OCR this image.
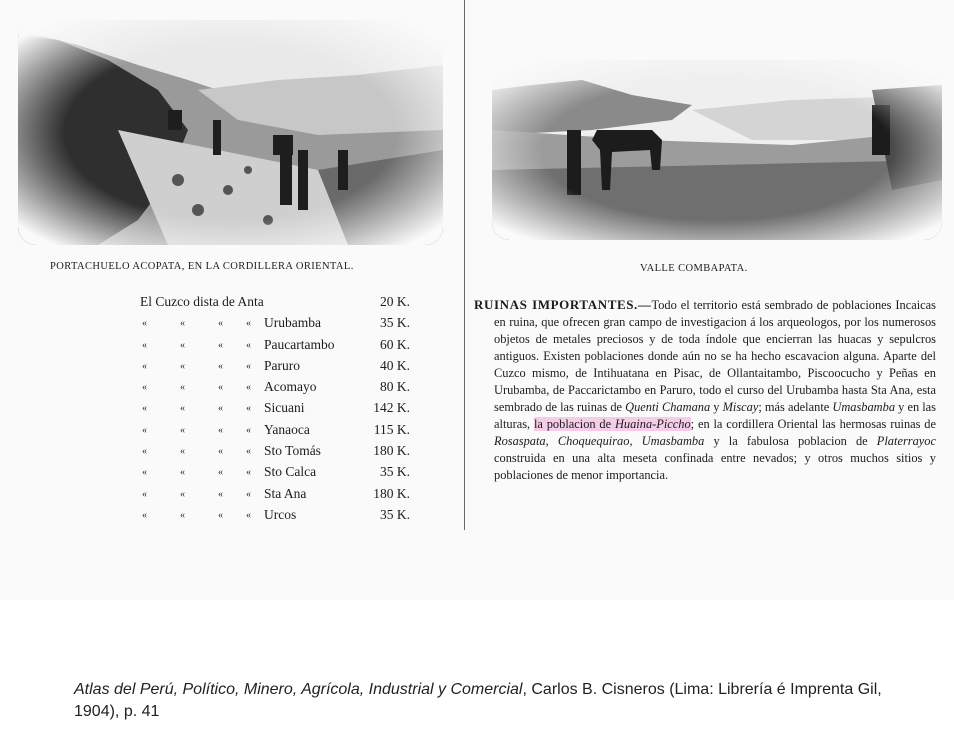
PORTACHUELO ACOPATA, EN LA CORDILLERA ORIENTAL.	VALLE COMBAPATA.
El Cuzco dista de Anta	20 K.
«	«	« « Urubamba	35 K.
«	«	« « Paucartambo	60 K.
«	«	« « Paruro	40 K.
«	«	« « Acomayo	80 K.
«	«	« « Sicuani	142 K.
«	«	« « Yanaoca	115 K.
«	«	« « Sto Tomás	180 K.
«	«	« « Sto Calca	35 K.
«	«	« « Sta Ana	180 K.
«	«	« « Urcos	35 K.

RUINAS IMPORTANTES.—Todo el territorio está sembrado de poblaciones Incaicas en ruina, que ofrecen gran campo de investigacion á los arqueologos, por los numerosos objetos de metales preciosos y de toda índole que encierran las huacas y sepulcros antiguos. Existen poblaciones donde aún no se ha hecho escavacion alguna. Aparte del Cuzco mismo, de Intihuatana en Pisac, de Ollantaitambo, Piscoocucho y Peñas en Urubamba, de Paccarictambo en Paruro, todo el curso del Urubamba hasta Sta Ana, esta sembrado de las ruinas de Quenti Chamana y Miscay; más adelante Umasbamba y en las alturas, la poblacion de Huaina-Piccho; en la cordillera Oriental las hermosas ruinas de Rosaspata, Choquequirao, Umasbamba y la fabulosa poblacion de Platerrayoc construida en una alta meseta confinada entre nevados; y otros muchos sitios y poblaciones de menor importancia.

Atlas del Perú, Político, Minero, Agrícola, Industrial y Comercial, Carlos B. Cisneros (Lima: Librería é Imprenta Gil, 1904), p. 41
